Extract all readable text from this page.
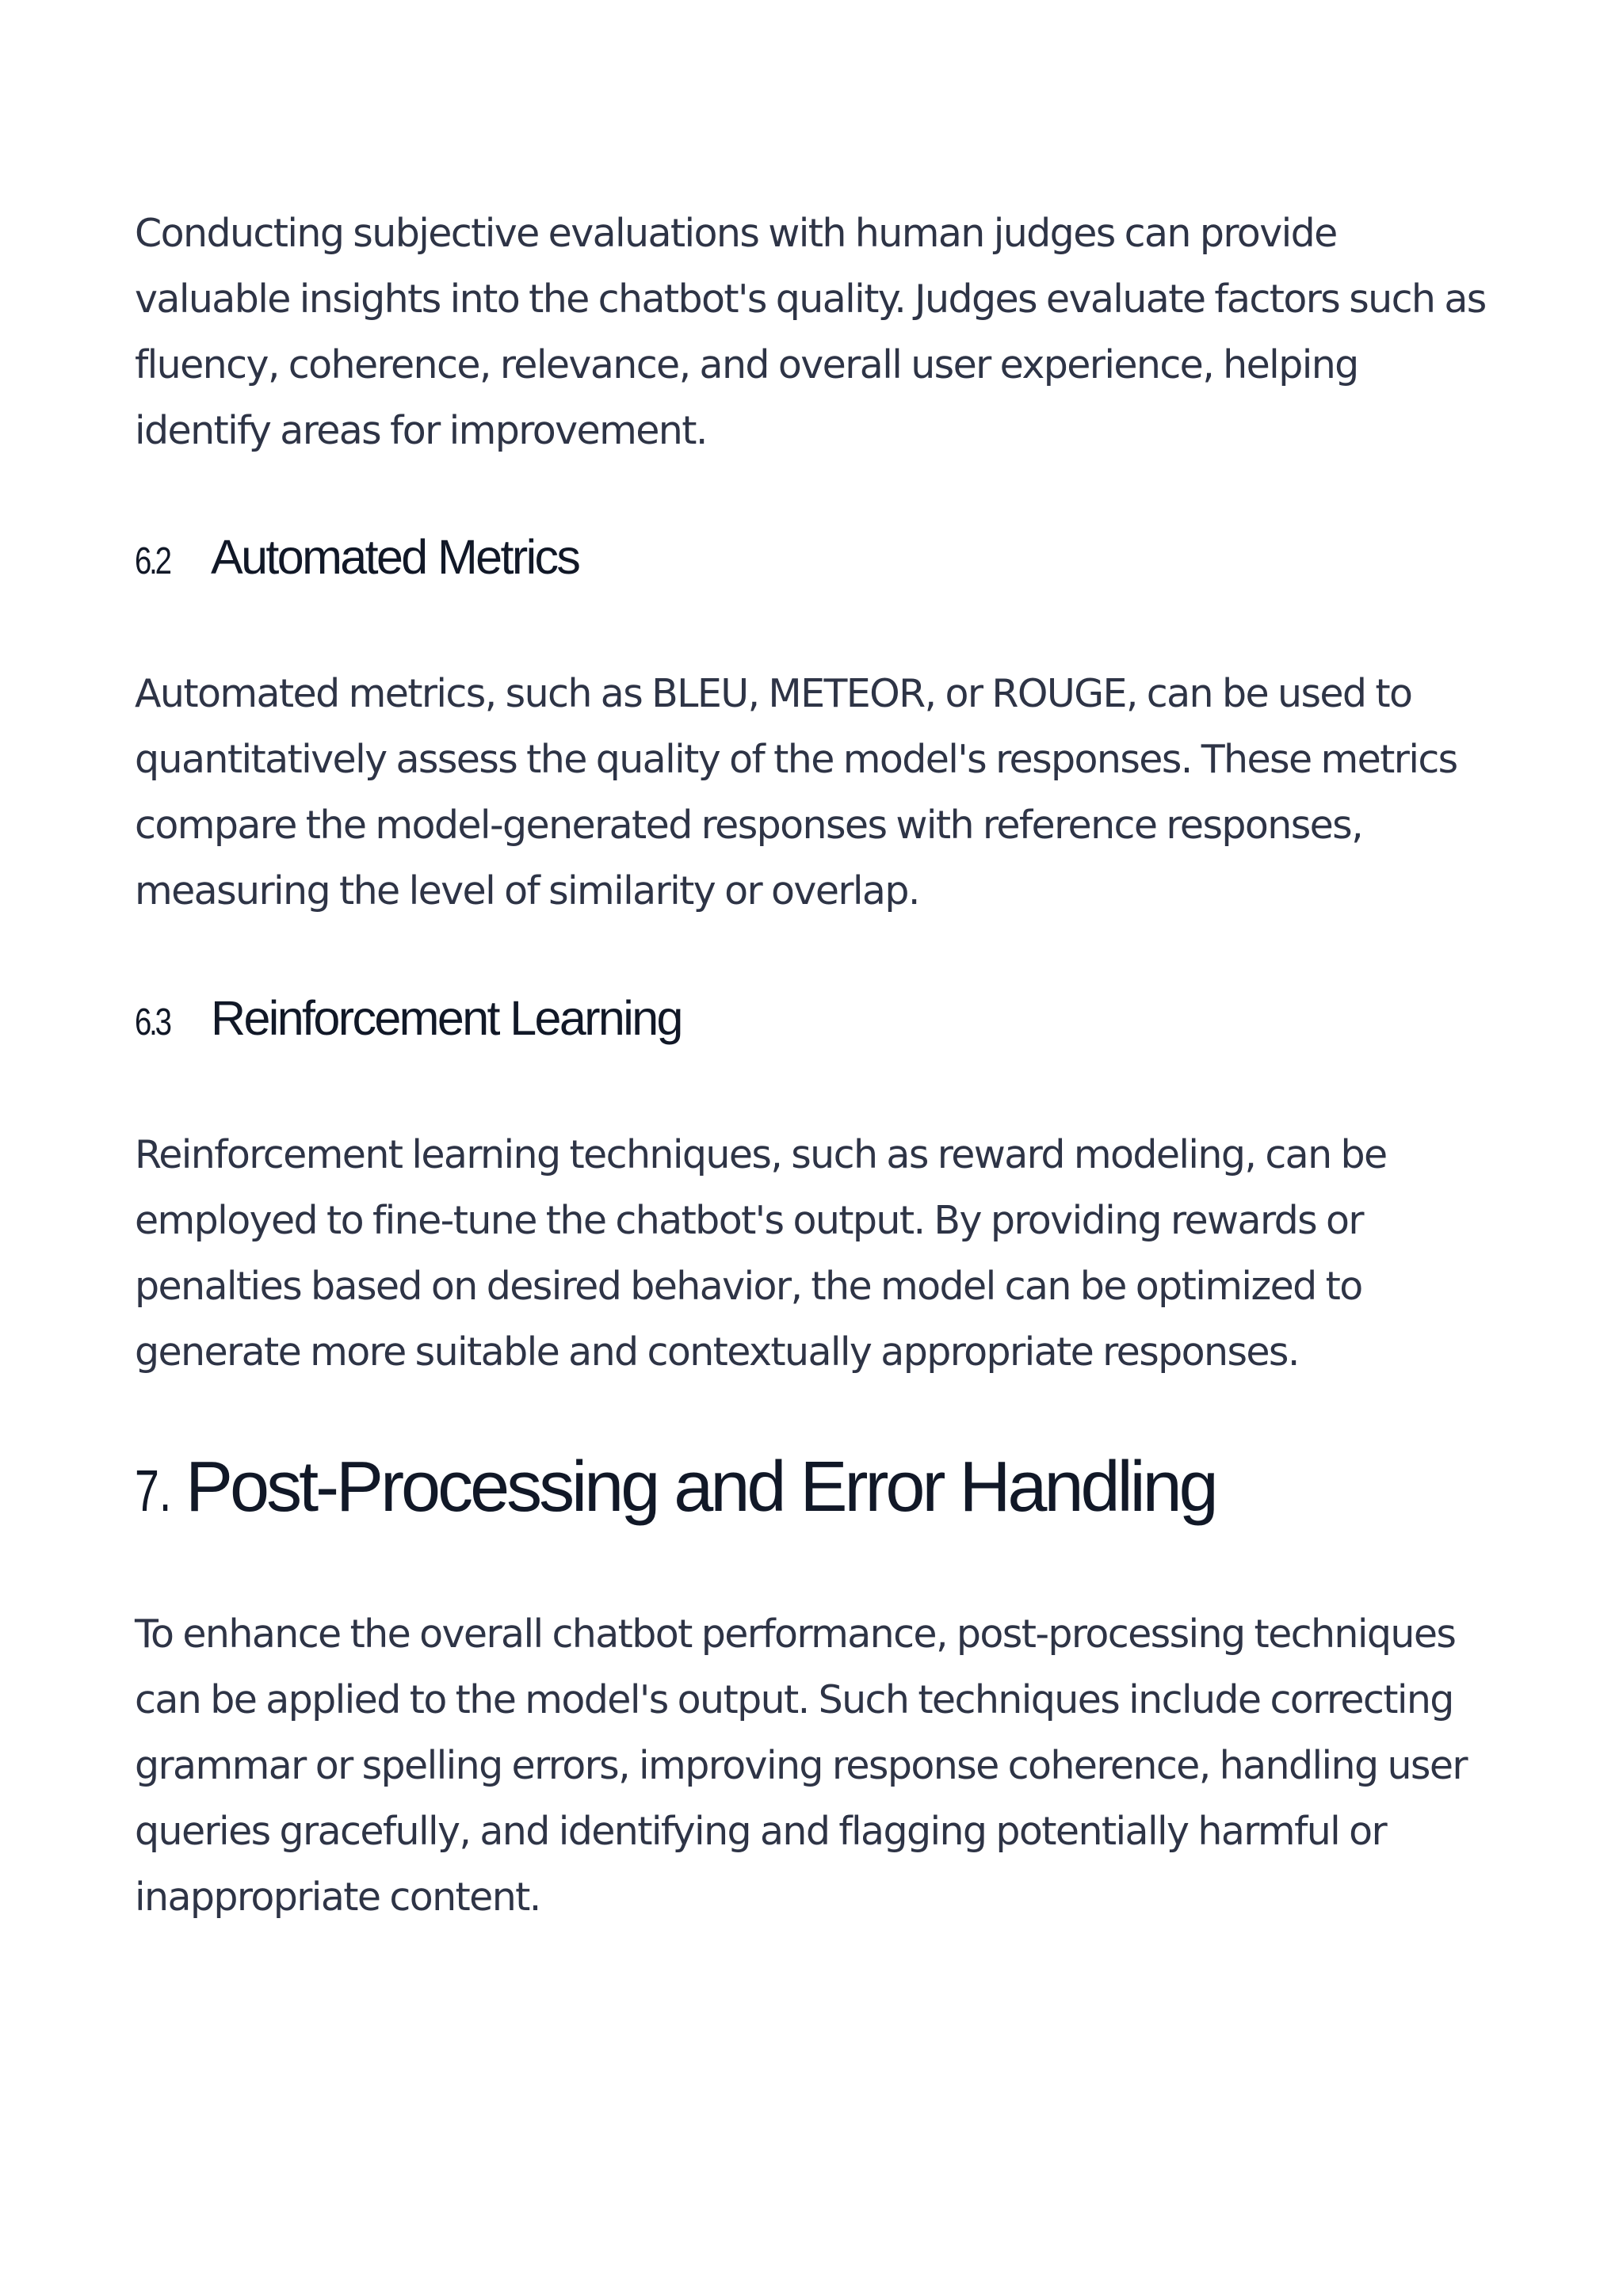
Conducting subjective evaluations with human judges can provide valuable insights into the chatbot's quality. Judges evaluate factors such as fluency, coherence, relevance, and overall user experience, helping identify areas for improvement.

6.2 Automated Metrics

Automated metrics, such as BLEU, METEOR, or ROUGE, can be used to quantitatively assess the quality of the model's responses. These metrics compare the model-generated responses with reference responses, measuring the level of similarity or overlap.

6.3 Reinforcement Learning

Reinforcement learning techniques, such as reward modeling, can be employed to fine-tune the chatbot's output. By providing rewards or penalties based on desired behavior, the model can be optimized to generate more suitable and contextually appropriate responses.

7. Post-Processing and Error Handling

To enhance the overall chatbot performance, post-processing techniques can be applied to the model's output. Such techniques include correcting grammar or spelling errors, improving response coherence, handling user queries gracefully, and identifying and flagging potentially harmful or inappropriate content.
